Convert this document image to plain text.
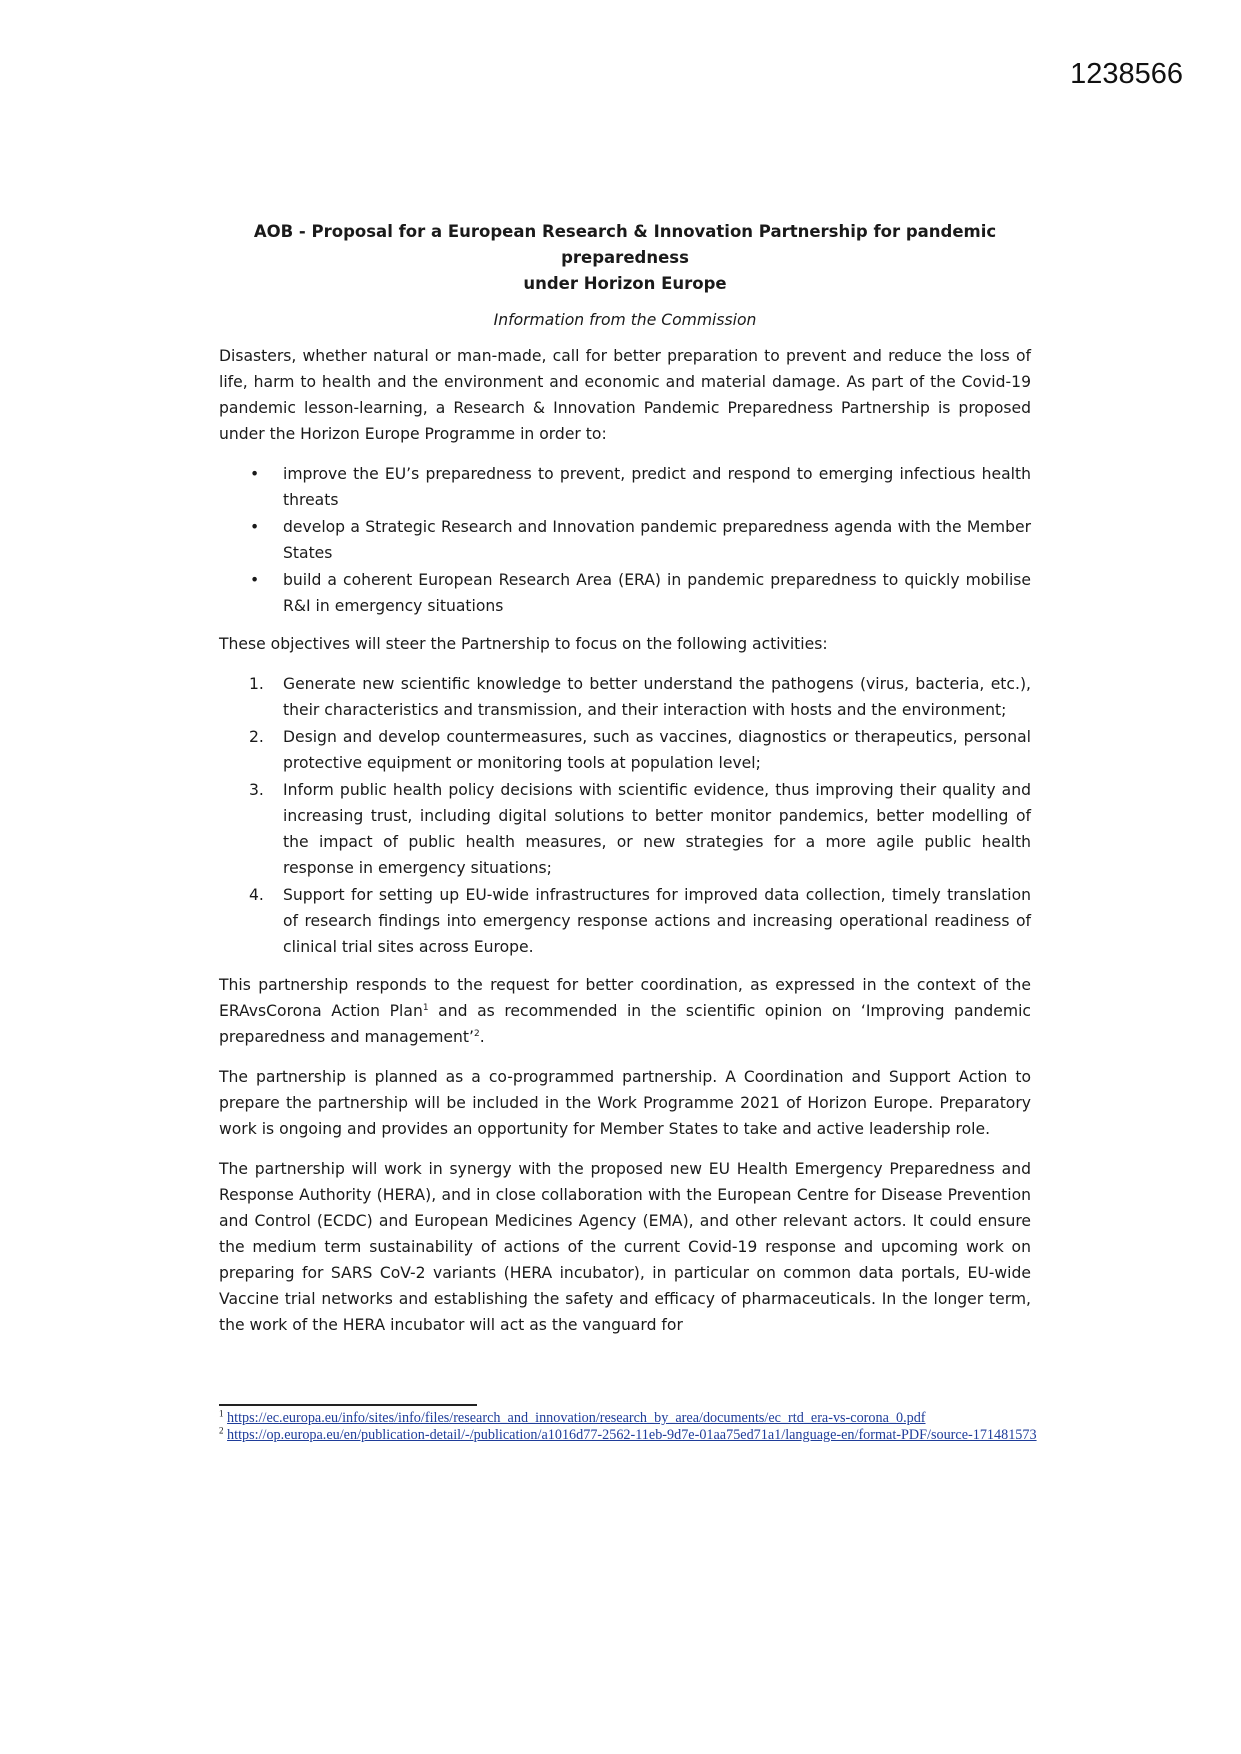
1238566
AOB - Proposal for a European Research & Innovation Partnership for pandemic preparedness
under Horizon Europe
Information from the Commission

Disasters, whether natural or man-made, call for better preparation to prevent and reduce the loss of life, harm to health and the environment and economic and material damage. As part of the Covid-19 pandemic lesson-learning, a Research & Innovation Pandemic Preparedness Partnership is proposed under the Horizon Europe Programme in order to:

• improve the EU’s preparedness to prevent, predict and respond to emerging infectious health threats
• develop a Strategic Research and Innovation pandemic preparedness agenda with the Member States
• build a coherent European Research Area (ERA) in pandemic preparedness to quickly mobilise R&I in emergency situations

These objectives will steer the Partnership to focus on the following activities:

1. Generate new scientific knowledge to better understand the pathogens (virus, bacteria, etc.), their characteristics and transmission, and their interaction with hosts and the environment;
2. Design and develop countermeasures, such as vaccines, diagnostics or therapeutics, personal protective equipment or monitoring tools at population level;
3. Inform public health policy decisions with scientific evidence, thus improving their quality and increasing trust, including digital solutions to better monitor pandemics, better modelling of the impact of public health measures, or new strategies for a more agile public health response in emergency situations;
4. Support for setting up EU-wide infrastructures for improved data collection, timely translation of research findings into emergency response actions and increasing operational readiness of clinical trial sites across Europe.

This partnership responds to the request for better coordination, as expressed in the context of the ERAvsCorona Action Plan$^1$ and as recommended in the scientific opinion on ‘Improving pandemic preparedness and management’$^2$.

The partnership is planned as a co-programmed partnership. A Coordination and Support Action to prepare the partnership will be included in the Work Programme 2021 of Horizon Europe. Preparatory work is ongoing and provides an opportunity for Member States to take and active leadership role.

The partnership will work in synergy with the proposed new EU Health Emergency Preparedness and Response Authority (HERA), and in close collaboration with the European Centre for Disease Prevention and Control (ECDC) and European Medicines Agency (EMA), and other relevant actors. It could ensure the medium term sustainability of actions of the current Covid-19 response and upcoming work on preparing for SARS CoV-2 variants (HERA incubator), in particular on common data portals, EU-wide Vaccine trial networks and establishing the safety and efficacy of pharmaceuticals. In the longer term, the work of the HERA incubator will act as the vanguard for

$^1$ https://ec.europa.eu/info/sites/info/files/research_and_innovation/research_by_area/documents/ec_rtd_era-vs-corona_0.pdf
$^2$ https://op.europa.eu/en/publication-detail/-/publication/a1016d77-2562-11eb-9d7e-01aa75ed71a1/language-en/format-PDF/source-171481573
